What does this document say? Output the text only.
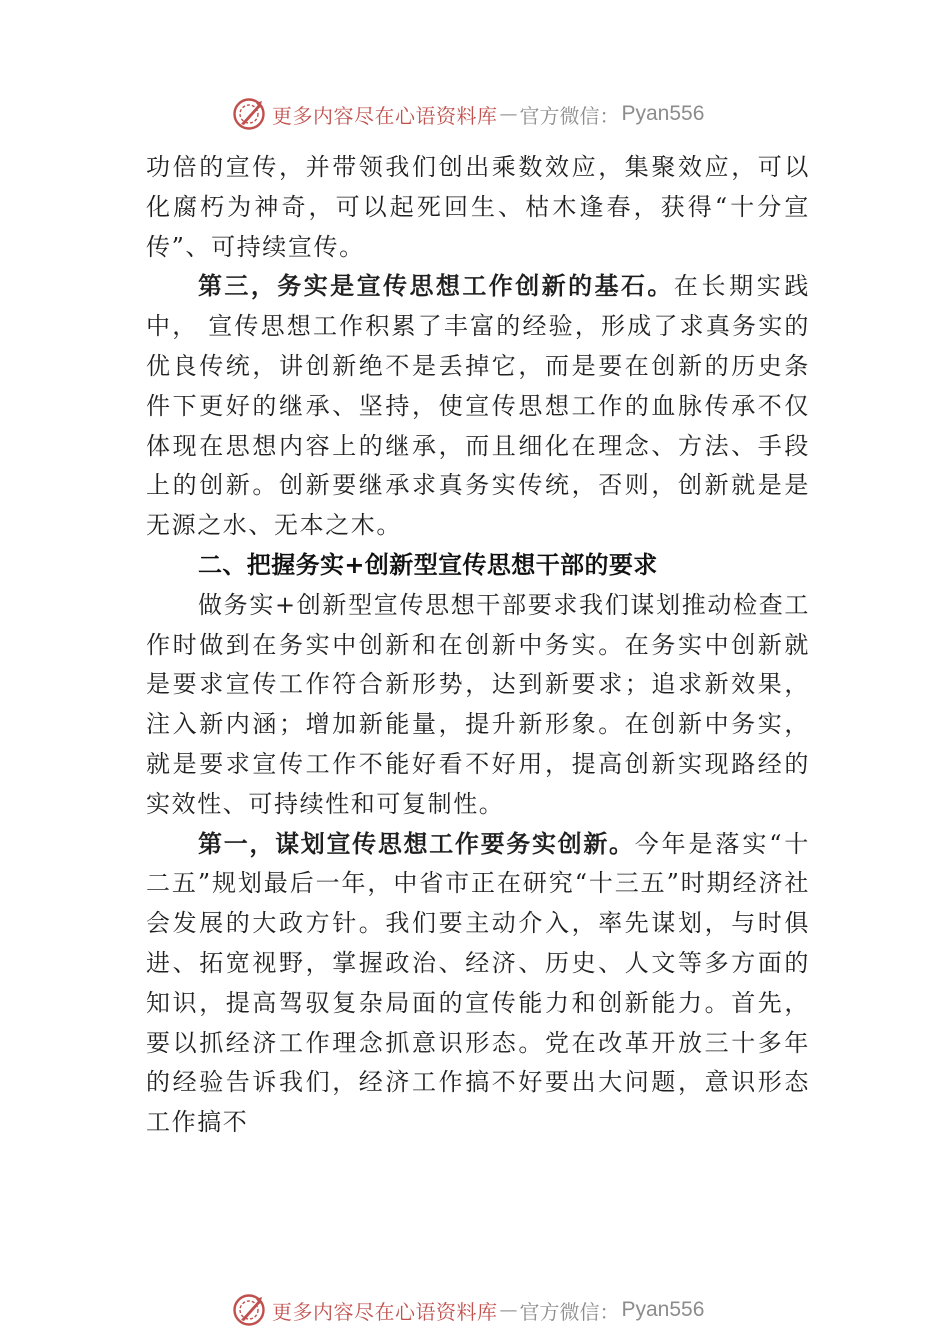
更多内容尽在心语资料库 — 官方微信： Pyan556

功倍的宣传，并带领我们创出乘数效应，集聚效应，可以化腐朽为神奇，可以起死回生、枯木逢春，获得“十分宣传”、可持续宣传。

第三，务实是宣传思想工作创新的基石。在长期实践中， 宣传思想工作积累了丰富的经验，形成了求真务实的优良传统，讲创新绝不是丢掉它，而是要在创新的历史条件下更好的继承、坚持，使宣传思想工作的血脉传承不仅体现在思想内容上的继承，而且细化在理念、方法、手段上的创新。创新要继承求真务实传统，否则，创新就是是无源之水、无本之木。

二、把握务实+创新型宣传思想干部的要求

做务实+创新型宣传思想干部要求我们谋划推动检查工作时做到在务实中创新和在创新中务实。在务实中创新就是要求宣传工作符合新形势，达到新要求；追求新效果，注入新内涵；增加新能量，提升新形象。在创新中务实，就是要求宣传工作不能好看不好用，提高创新实现路经的实效性、可持续性和可复制性。

第一，谋划宣传思想工作要务实创新。今年是落实“十 二五”规划最后一年，中省市正在研究“十三五”时期经济社会发展的大政方针。我们要主动介入，率先谋划，与时俱进、拓宽视野，掌握政治、经济、历史、人文等多方面的知识，提高驾驭复杂局面的宣传能力和创新能力。首先，要以抓经济工作理念抓意识形态。党在改革开放三十多年的经验告诉我们，经济工作搞不好要出大问题，意识形态工作搞不

更多内容尽在心语资料库 — 官方微信： Pyan556
